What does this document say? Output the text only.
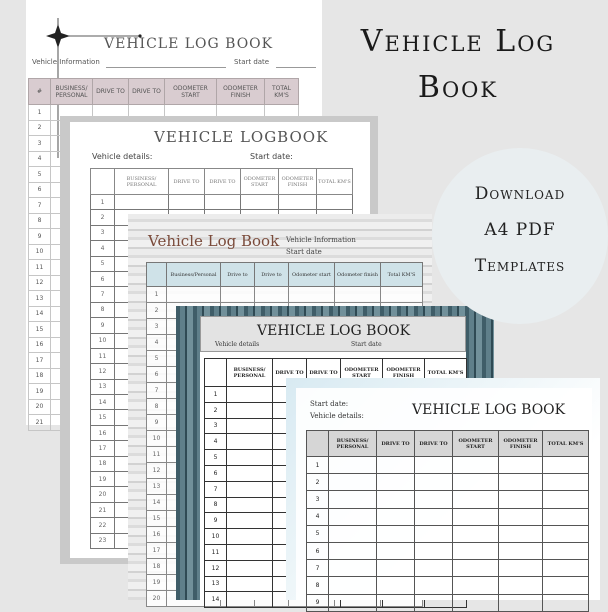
VEHICLE LOG BOOK
Vehicle Information	Start date
#	BUSINESS/ PERSONAL	DRIVE TO	DRIVE TO	ODOMETER START	ODOMETER FINISH	TOTAL KM'S
1						
2						
3						
4						
5						
6						
7						
8						
9						
10						
11						
12						
13						
14						
15						
16						
17						
18						
19						
20						
21						
VEHICLE LOGBOOK
Vehicle details:	Start date:
	BUSINESS/ PERSONAL	DRIVE TO	DRIVE TO	ODOMETER START	ODOMETER FINISH	TOTAL KM'S
1						
2						
3						
4						
5						
6						
7						
8						
9						
10						
11						
12						
13						
14						
15						
16						
17						
18						
19						
20						
21						
22						
23						
Vehicle Log Book Vehicle Information
Start date
	Business/Personal	Drive to	Drive to	Odometer start	Odometer finish	Total KM'S
1						
2						
3						
4						
5						
6						
7						
8						
9						
10						
11						
12						
13						
14						
15						
16						
17						
18						
19						
20						
VEHICLE LOG BOOK
Vehicle details	Start date
	BUSINESS/ PERSONAL	DRIVE TO	DRIVE TO	ODOMETER START	ODOMETER FINISH	TOTAL KM'S
1						
2						
3						
4						
5						
6						
7						
8						
9						
10						
11						
12						
13						
14						
Start date:
Vehicle details:	VEHICLE LOG BOOK
	BUSINESS/ PERSONAL	DRIVE TO	DRIVE TO	ODOMETER START	ODOMETER FINISH	TOTAL KM'S
1						
2						
3						
4						
5						
6						
7						
8						
9						
Vehicle Log
Book
Download
A4 PDF
Templates
